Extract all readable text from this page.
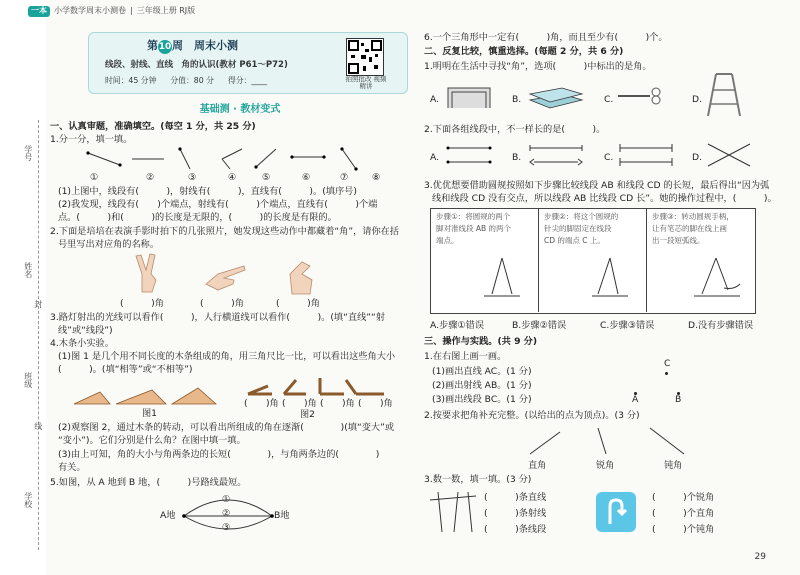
学号
姓名
封
班级
线
学校
一本 小学数学周末小测卷 | 三年级上册 RJ版
第10周　周末小测
线段、射线、直线　角的认识(教材 P61～P72)
时间：45 分钟 分值：80 分 得分：____	拍照批改 视频精讲
基础测 · 教材变式
一、认真审题，准确填空。(每空 1 分，共 25 分)
1.分一分，填一填。
①	②	③	④	⑤	⑥	⑦	⑧
(1)上图中，线段有(　　　)，射线有(　　　)，直线有(　　　)。(填序号)
(2)我发现，线段有(　　)个端点，射线有(　　　)个端点，直线有(　　　)个端
点。(　　　)和(　　　)的长度是无限的，(　　　)的长度是有限的。
2.下面是培培在表演手影时拍下的几张照片，她发现这些动作中都藏着“角”，请你在括
号里写出对应角的名称。
(　　　)角	(　　　)角	(　　　)角
3.路灯射出的光线可以看作(　　　)，人行横道线可以看作(　　　)。(填“直线”“射
线”或“线段”)
4.木条小实验。
(1)图 1 是几个用不同长度的木条组成的角，用三角尺比一比，可以看出这些角大小
(　　　)。(填“相等”或“不相等”)
图1
(　　)角 (　　)角 (　　)角 (　　)角
图2
(2)观察图 2，通过木条的转动，可以看出所组成的角在逐渐(　　　　)(填“变大”或
“变小”)。它们分别是什么角？在图中填一填。
(3)由上可知，角的大小与角两条边的长短(　　　　)，与角两条边的(　　　　)
有关。
5.如图，从 A 地到 B 地，(　　　)号路线最短。
A地	B地
①
②
③
6.一个三角形中一定有(　　　)角，而且至少有(　　　)个。
二、反复比较，慎重选择。(每题 2 分，共 6 分)
1.明明在生活中寻找“角”，选项(　　　)中标出的是角。
A.	B.	C.	D.
2.下面各组线段中，不一样长的是(　　　)。
A.	B.	C.	D.
3.优优想要借助圆规按照如下步骤比较线段 AB 和线段 CD 的长短，最后得出“因为弧
线和线段 CD 没有交点，所以线段 AB 比线段 CD 长”。她的操作过程中，(　　　)。
步骤①：将圆规的两个
脚对准线段 AB 的两个
端点。
步骤②：将这个圆规的
针尖的脚固定在线段
CD 的端点 C 上。
步骤③：转动圆规手柄，
让有笔芯的脚在线上画
出一段短弧线。
A.步骤①错误	B.步骤②错误	C.步骤③错误	D.没有步骤错误
三、操作与实践。(共 9 分)
1.在右图上画一画。
(1)画出直线 AC。(1 分)
(2)画出射线 AB。(1 分)
(3)画出线段 BC。(1 分)
C
A	B
2.按要求把角补充完整。(以给出的点为顶点)。(3 分)
直角	锐角	钝角
3.数一数，填一填。(3 分)
(　　　)条直线
(　　　)条射线
(　　　)条线段
(　　　)个锐角
(　　　)个直角
(　　　)个钝角
29
